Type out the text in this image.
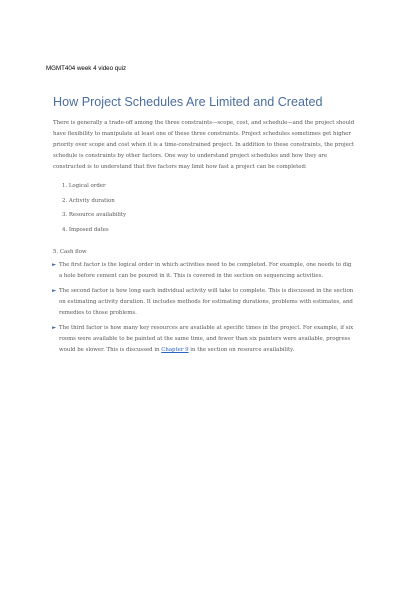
MGMT404 week 4 video quiz

How Project Schedules Are Limited and Created

There is generally a trade-off among the three constraints—scope, cost, and schedule—and the project should have flexibility to manipulate at least one of these three constraints. Project schedules sometimes get higher priority over scope and cost when it is a time-constrained project. In addition to these constraints, the project schedule is constraints by other factors. One way to understand project schedules and how they are constructed is to understand that five factors may limit how fast a project can be completed:

1. Logical order
2. Activity duration
3. Resource availability
4. Imposed dates

5. Cash flow

► The first factor is the logical order in which activities need to be completed. For example, one needs to dig a hole before cement can be poured in it. This is covered in the section on sequencing activities.
► The second factor is how long each individual activity will take to complete. This is discussed in the section on estimating activity duration. It includes methods for estimating durations, problems with estimates, and remedies to those problems.
► The third factor is how many key resources are available at specific times in the project. For example, if six rooms were available to be painted at the same time, and fewer than six painters were available, progress would be slower. This is discussed in Chapter 9 in the section on resource availability.
